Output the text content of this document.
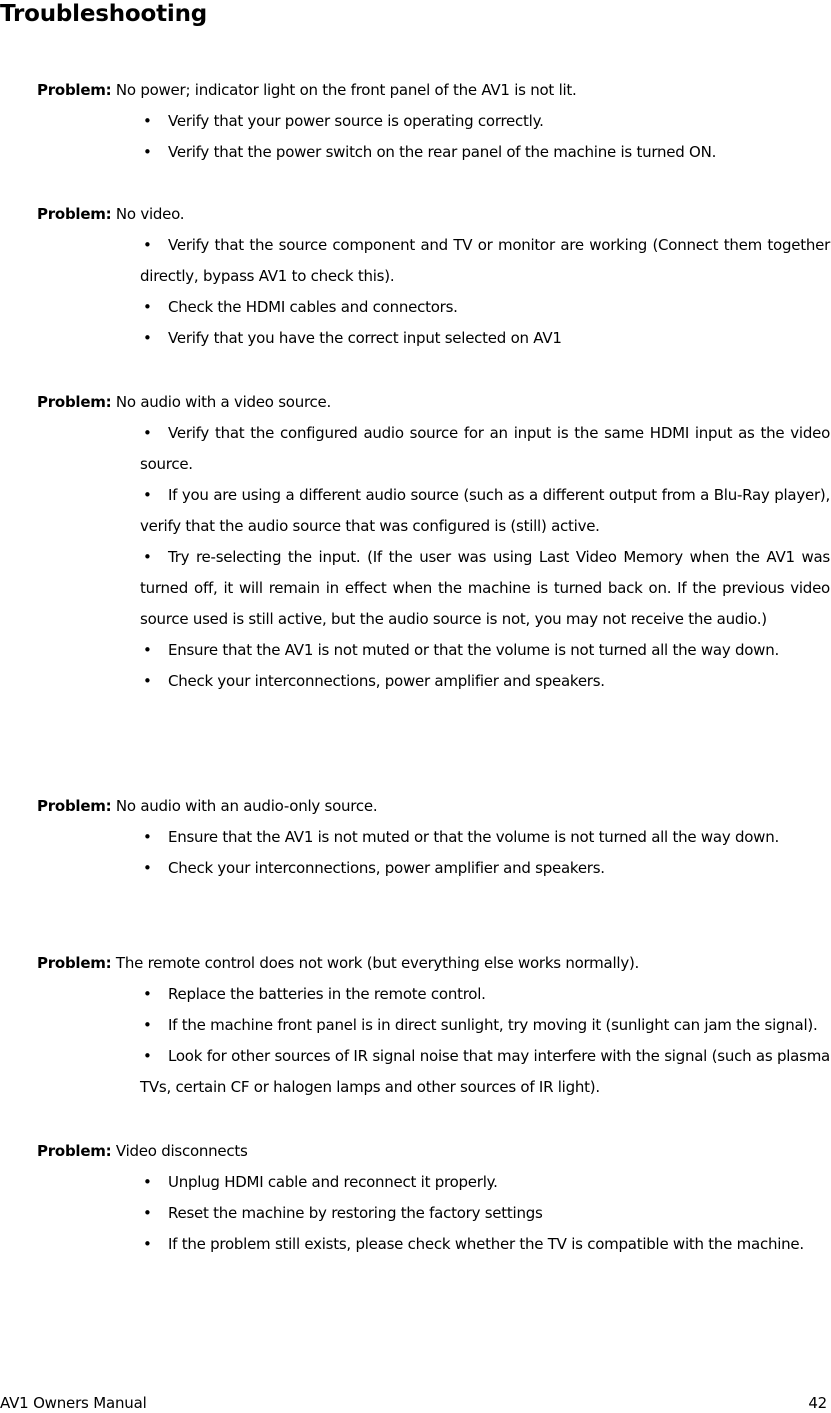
Troubleshooting

Problem: No power; indicator light on the front panel of the AV1 is not lit.

•Verify that your power source is operating correctly.
•Verify that the power switch on the rear panel of the machine is turned ON.

Problem: No video.

•Verify that the source component and TV or monitor are working (Connect them together directly, bypass AV1 to check this).
•Check the HDMI cables and connectors.
•Verify that you have the correct input selected on AV1

Problem: No audio with a video source.

•Verify that the configured audio source for an input is the same HDMI input as the video source.
•If you are using a different audio source (such as a different output from a Blu-Ray player), verify that the audio source that was configured is (still) active.
•Try re-selecting the input. (If the user was using Last Video Memory when the AV1 was turned off, it will remain in effect when the machine is turned back on. If the previous video source used is still active, but the audio source is not, you may not receive the audio.)
•Ensure that the AV1 is not muted or that the volume is not turned all the way down.
•Check your interconnections, power amplifier and speakers.

Problem: No audio with an audio-only source.

•Ensure that the AV1 is not muted or that the volume is not turned all the way down.
•Check your interconnections, power amplifier and speakers.

Problem: The remote control does not work (but everything else works normally).

•Replace the batteries in the remote control.
•If the machine front panel is in direct sunlight, try moving it (sunlight can jam the signal).
•Look for other sources of IR signal noise that may interfere with the signal (such as plasma TVs, certain CF or halogen lamps and other sources of IR light).

Problem: Video disconnects

•Unplug HDMI cable and reconnect it properly.
•Reset the machine by restoring the factory settings
•If the problem still exists, please check whether the TV is compatible with the machine.

AV1 Owners Manual	42
